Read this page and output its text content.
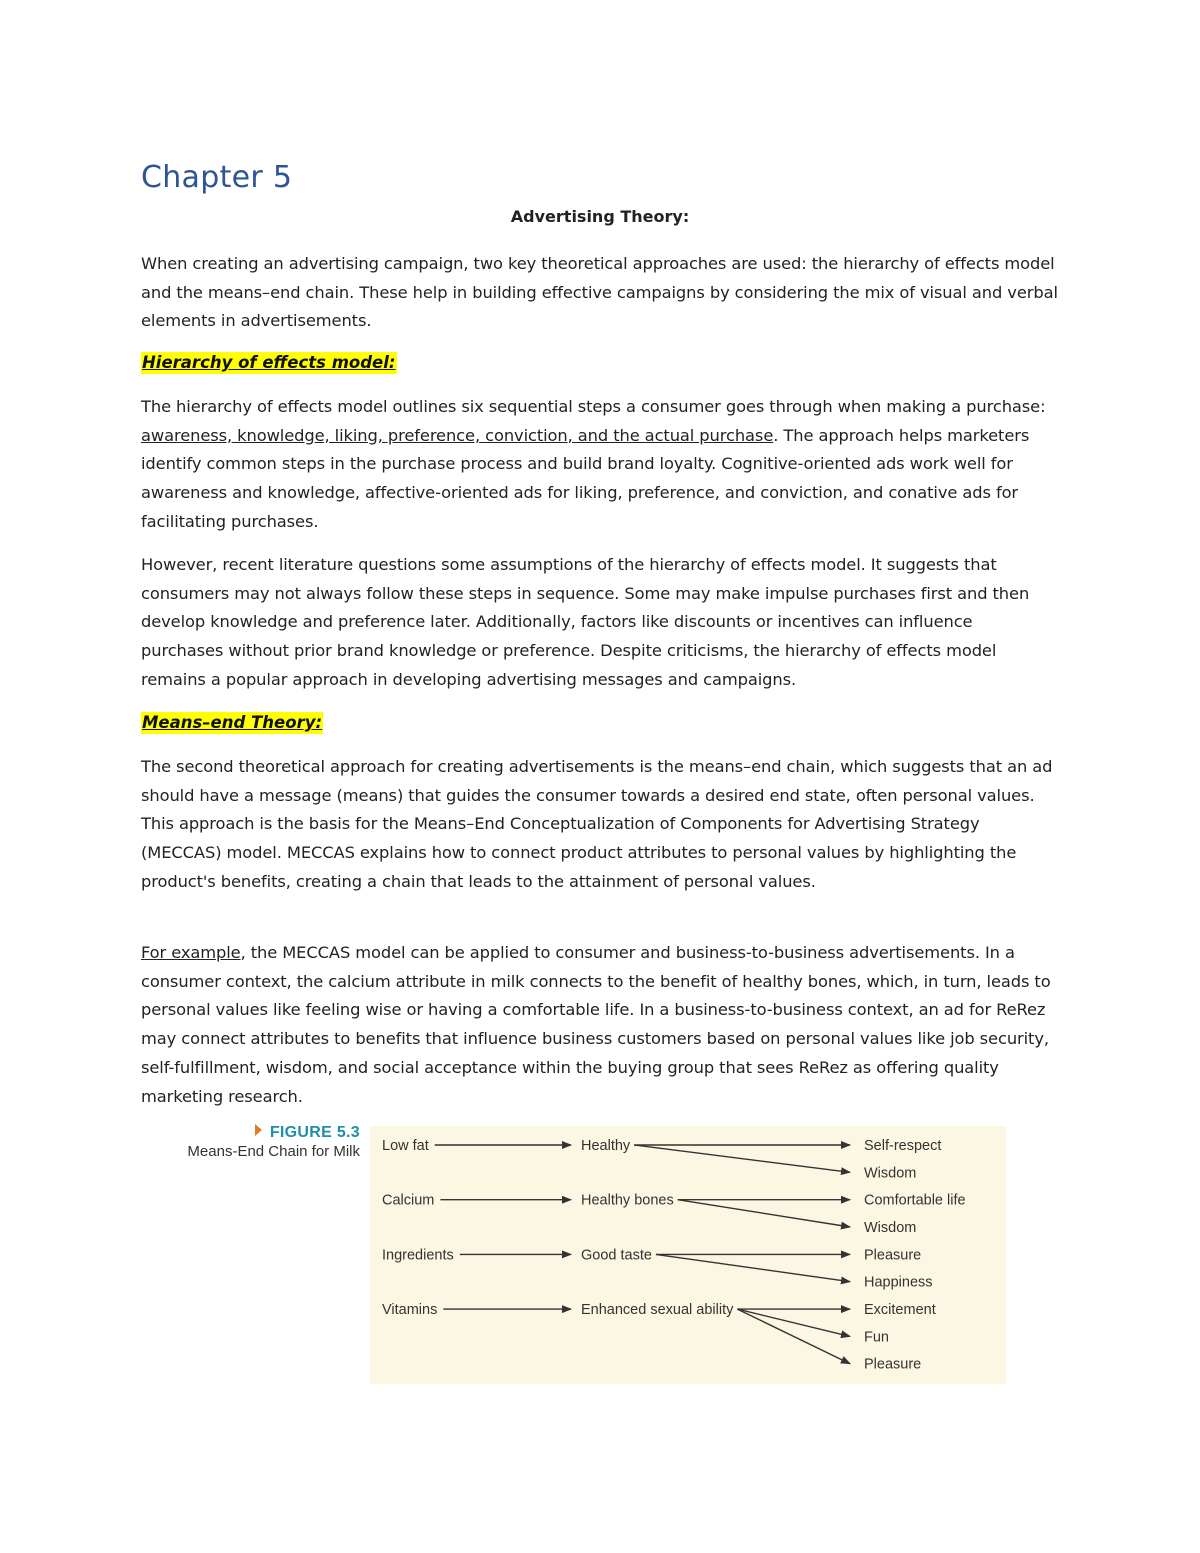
Chapter 5

Advertising Theory:

When creating an advertising campaign, two key theoretical approaches are used: the hierarchy of effects model and the means–end chain. These help in building effective campaigns by considering the mix of visual and verbal elements in advertisements.

Hierarchy of effects model:

The hierarchy of effects model outlines six sequential steps a consumer goes through when making a purchase: awareness, knowledge, liking, preference, conviction, and the actual purchase. The approach helps marketers identify common steps in the purchase process and build brand loyalty. Cognitive-oriented ads work well for awareness and knowledge, affective-oriented ads for liking, preference, and conviction, and conative ads for facilitating purchases.

However, recent literature questions some assumptions of the hierarchy of effects model. It suggests that consumers may not always follow these steps in sequence. Some may make impulse purchases first and then develop knowledge and preference later. Additionally, factors like discounts or incentives can influence purchases without prior brand knowledge or preference. Despite criticisms, the hierarchy of effects model remains a popular approach in developing advertising messages and campaigns.

Means–end Theory:

The second theoretical approach for creating advertisements is the means–end chain, which suggests that an ad should have a message (means) that guides the consumer towards a desired end state, often personal values. This approach is the basis for the Means–End Conceptualization of Components for Advertising Strategy (MECCAS) model. MECCAS explains how to connect product attributes to personal values by highlighting the product's benefits, creating a chain that leads to the attainment of personal values.

For example, the MECCAS model can be applied to consumer and business-to-business advertisements. In a consumer context, the calcium attribute in milk connects to the benefit of healthy bones, which, in turn, leads to personal values like feeling wise or having a comfortable life. In a business-to-business context, an ad for ReRez may connect attributes to benefits that influence business customers based on personal values like job security, self-fulfillment, wisdom, and social acceptance within the buying group that sees ReRez as offering quality marketing research.

FIGURE 5.3
Means-End Chain for Milk Low fat	Healthy	Self-respect
Wisdom
Calcium	Healthy bones	Comfortable life
Wisdom
Ingredients	Good taste	Pleasure
Happiness
Vitamins	Enhanced sexual ability	Excitement
Fun
Pleasure
